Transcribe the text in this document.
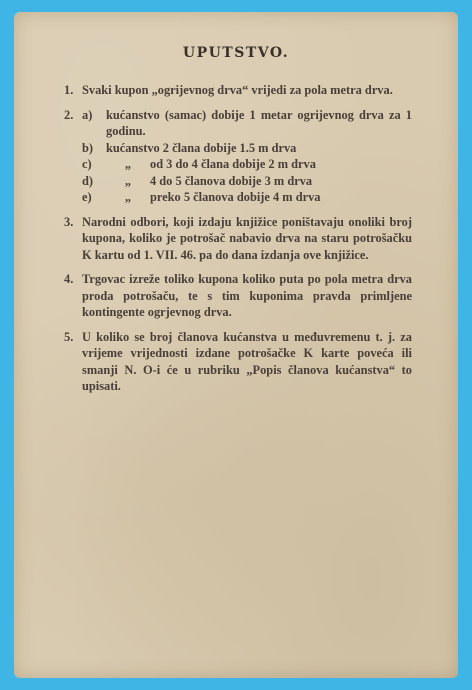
UPUTSTVO.
1. Svaki kupon „ogrijevnog drva“ vrijedi za pola metra drva.
2. a) kućanstvo (samac) dobije 1 metar ogrijevnog drva za 1 godinu.
b) kućanstvo 2 člana dobije 1.5 m drva
c)	„ od 3 do 4 člana dobije 2 m drva
d)	„ 4 do 5 članova dobije 3 m drva
e)	„ preko 5 članova dobije 4 m drva
3. Narodni odbori, koji izdaju knjižice poništavaju onoliki broj kupona, koliko je potrošač nabavio drva na staru potrošačku K kartu od 1. VII. 46. pa do dana izdanja ove knjižice.
4. Trgovac izreže toliko kupona koliko puta po pola metra drva proda potrošaču, te s tim kuponima pravda primljene kontingente ogrjevnog drva.
5. U koliko se broj članova kućanstva u međuvremenu t. j. za vrijeme vrijednosti izdane potrošačke K karte poveća ili smanji N. O-i će u rubriku „Popis članova kućanstva“ to upisati.
